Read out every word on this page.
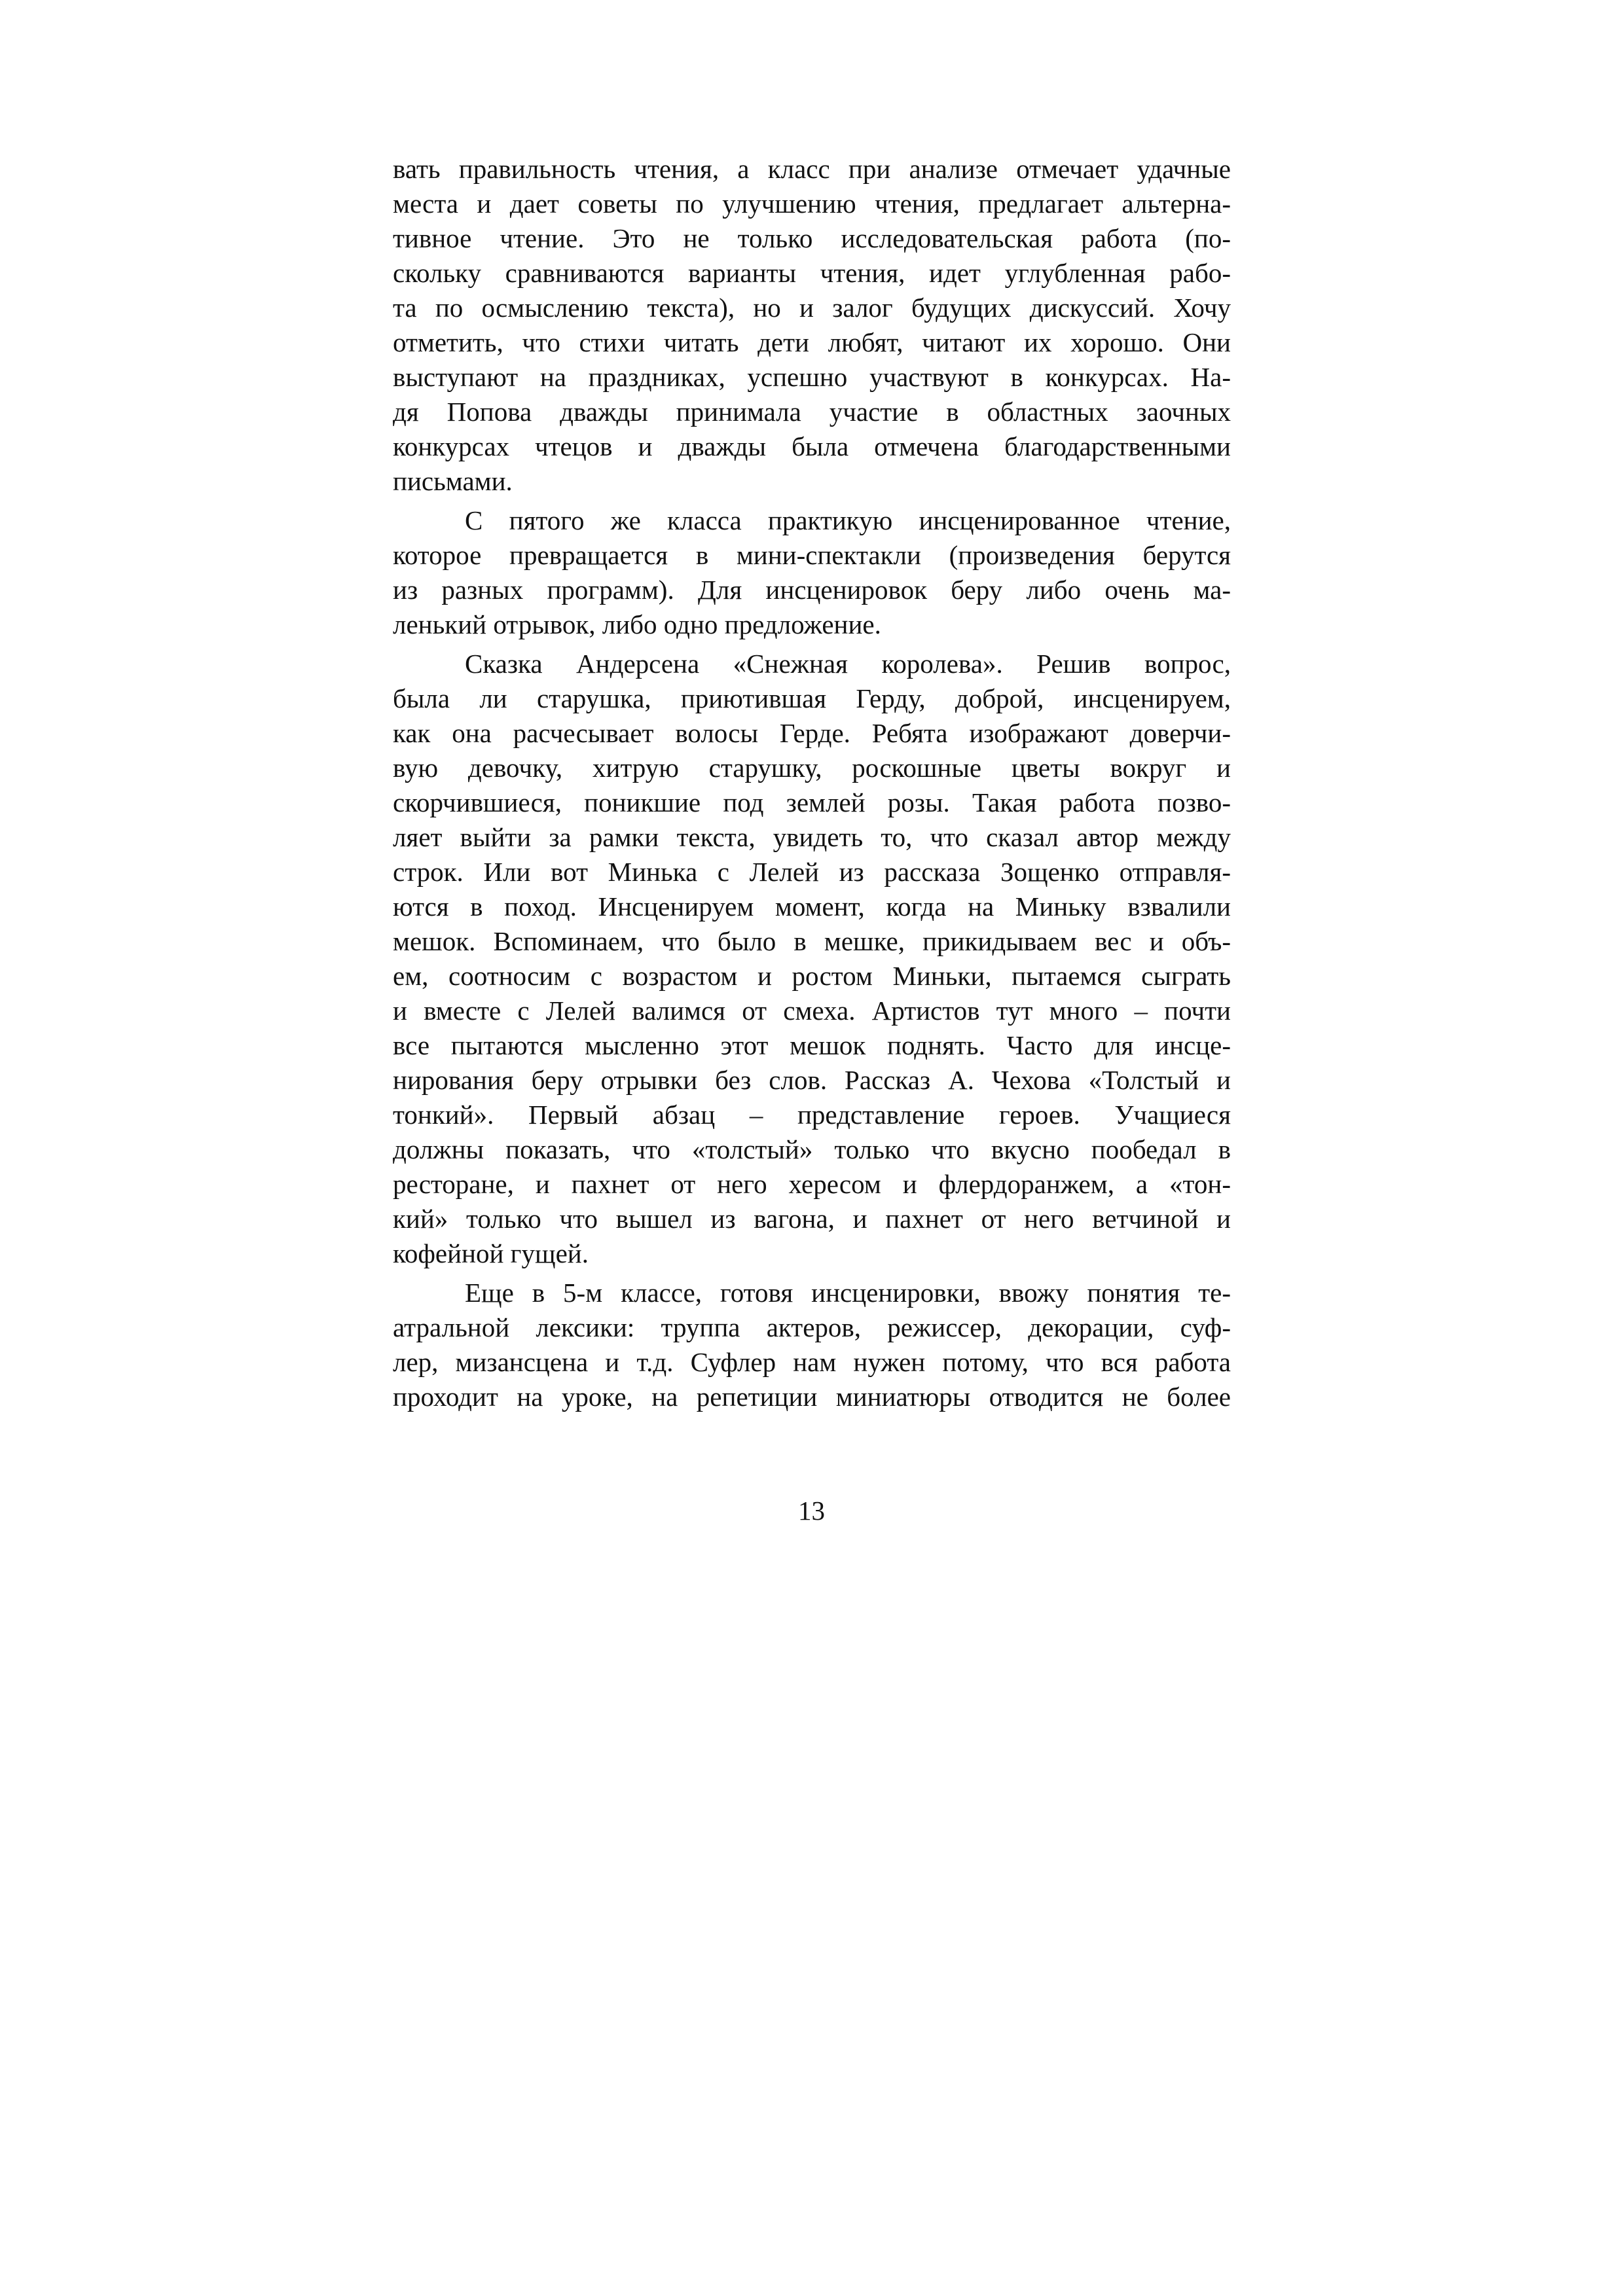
вать правильность чтения, а класс при анализе отмечает удачные
места и дает советы по улучшению чтения, предлагает альтерна-
тивное чтение. Это не только исследовательская работа (по-
скольку сравниваются варианты чтения, идет углубленная рабо-
та по осмыслению текста), но и залог будущих дискуссий. Хочу
отметить, что стихи читать дети любят, читают их хорошо. Они
выступают на праздниках, успешно участвуют в конкурсах. На-
дя Попова дважды принимала участие в областных заочных
конкурсах чтецов и дважды была отмечена благодарственными
письмами.
С пятого же класса практикую инсценированное чтение,
которое превращается в мини-спектакли (произведения берутся
из разных программ). Для инсценировок беру либо очень ма-
ленький отрывок, либо одно предложение.
Сказка Андерсена «Снежная королева». Решив вопрос,
была ли старушка, приютившая Герду, доброй, инсценируем,
как она расчесывает волосы Герде. Ребята изображают доверчи-
вую девочку, хитрую старушку, роскошные цветы вокруг и
скорчившиеся, поникшие под землей розы. Такая работа позво-
ляет выйти за рамки текста, увидеть то, что сказал автор между
строк. Или вот Минька с Лелей из рассказа Зощенко отправля-
ются в поход. Инсценируем момент, когда на Миньку взвалили
мешок. Вспоминаем, что было в мешке, прикидываем вес и объ-
ем, соотносим с возрастом и ростом Миньки, пытаемся сыграть
и вместе с Лелей валимся от смеха. Артистов тут много – почти
все пытаются мысленно этот мешок поднять. Часто для инсце-
нирования беру отрывки без слов. Рассказ А. Чехова «Толстый и
тонкий». Первый абзац – представление героев. Учащиеся
должны показать, что «толстый» только что вкусно пообедал в
ресторане, и пахнет от него хересом и флердоранжем, а «тон-
кий» только что вышел из вагона, и пахнет от него ветчиной и
кофейной гущей.
Еще в 5-м классе, готовя инсценировки, ввожу понятия те-
атральной лексики: труппа актеров, режиссер, декорации, суф-
лер, мизансцена и т.д. Суфлер нам нужен потому, что вся работа
проходит на уроке, на репетиции миниатюры отводится не более
13
